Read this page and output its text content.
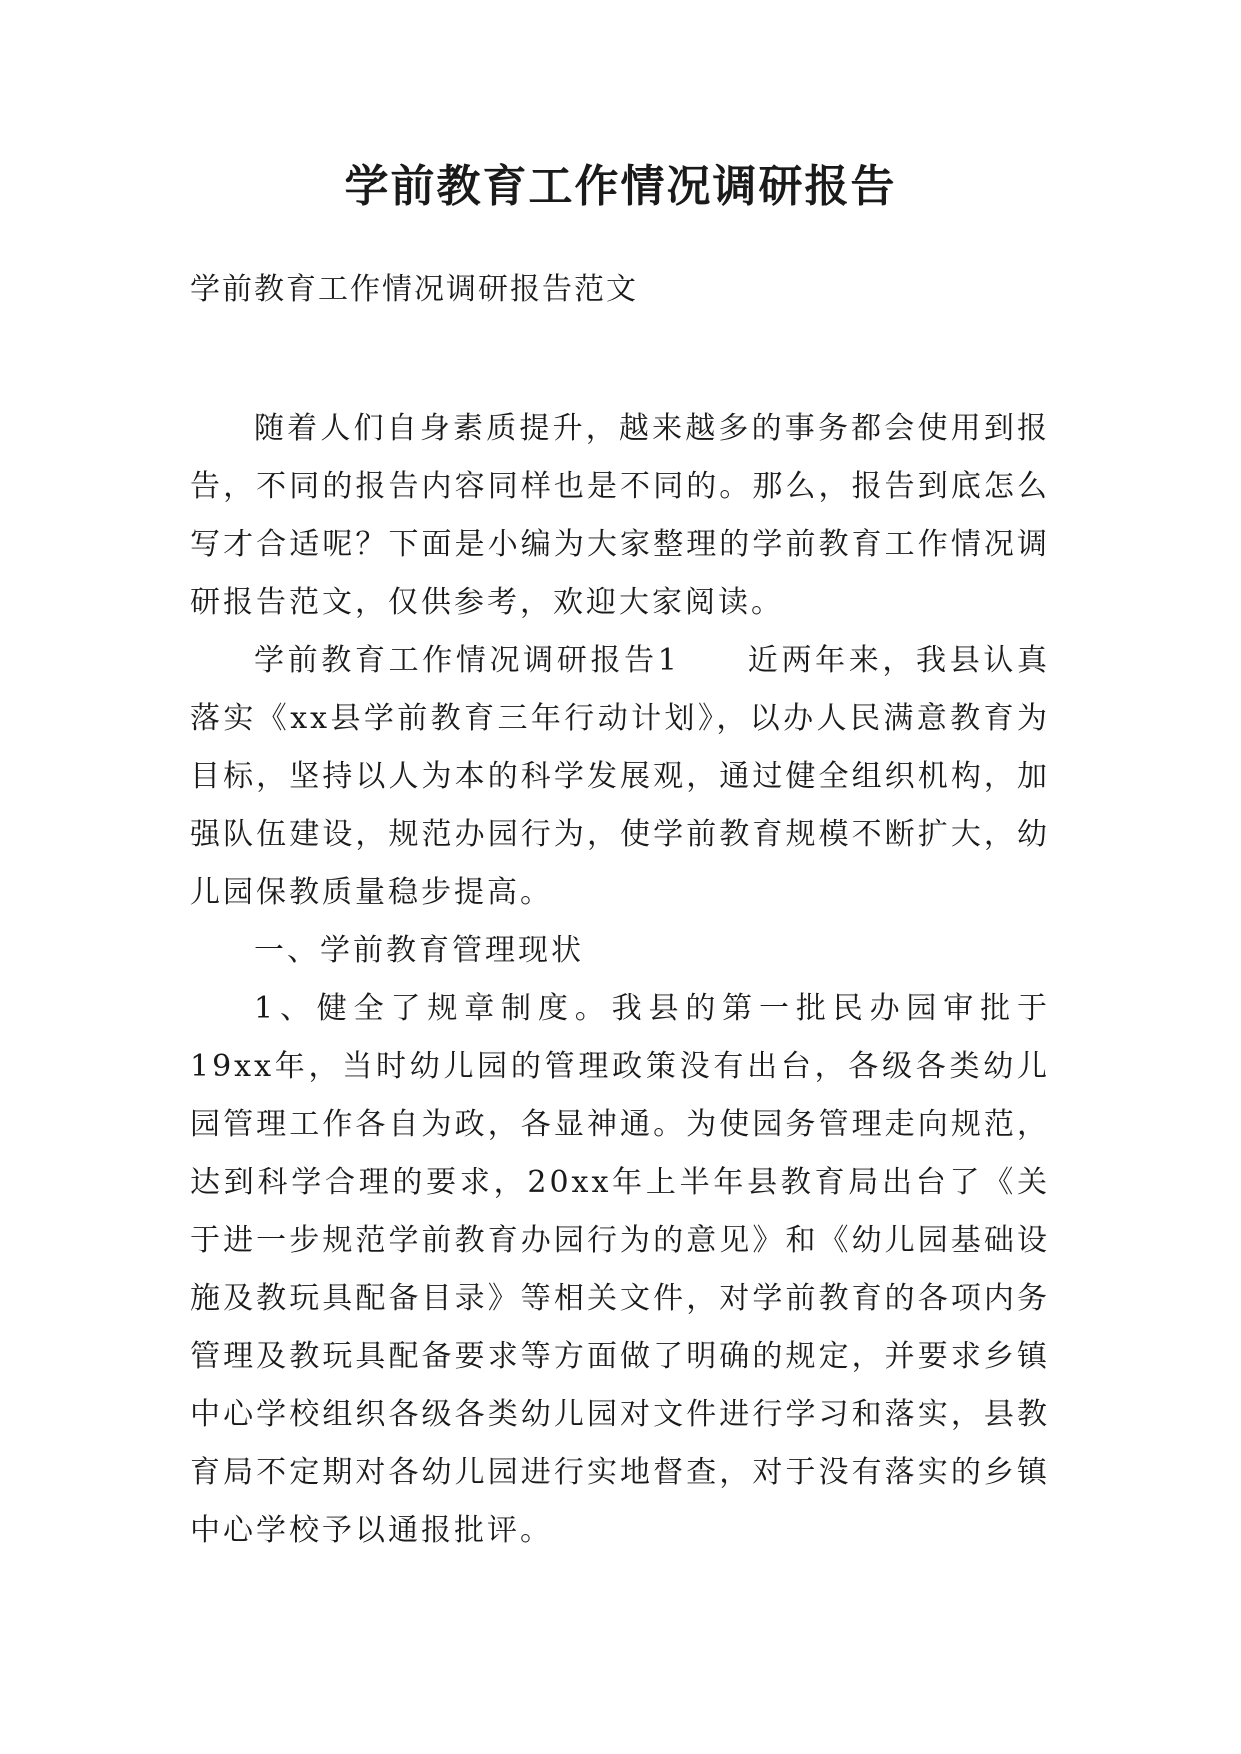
学前教育工作情况调研报告

学前教育工作情况调研报告范文

随着人们自身素质提升，越来越多的事务都会使用到报告，不同的报告内容同样也是不同的。那么，报告到底怎么写才合适呢？下面是小编为大家整理的学前教育工作情况调研报告范文，仅供参考，欢迎大家阅读。

学前教育工作情况调研报告1　　近两年来，我县认真落实《xx县学前教育三年行动计划》，以办人民满意教育为目标，坚持以人为本的科学发展观，通过健全组织机构，加强队伍建设，规范办园行为，使学前教育规模不断扩大，幼儿园保教质量稳步提高。

一、学前教育管理现状

1、健全了规章制度。我县的第一批民办园审批于19xx年，当时幼儿园的管理政策没有出台，各级各类幼儿园管理工作各自为政，各显神通。为使园务管理走向规范，达到科学合理的要求，20xx年上半年县教育局出台了《关于进一步规范学前教育办园行为的意见》和《幼儿园基础设施及教玩具配备目录》等相关文件，对学前教育的各项内务管理及教玩具配备要求等方面做了明确的规定，并要求乡镇中心学校组织各级各类幼儿园对文件进行学习和落实，县教育局不定期对各幼儿园进行实地督查，对于没有落实的乡镇中心学校予以通报批评。
